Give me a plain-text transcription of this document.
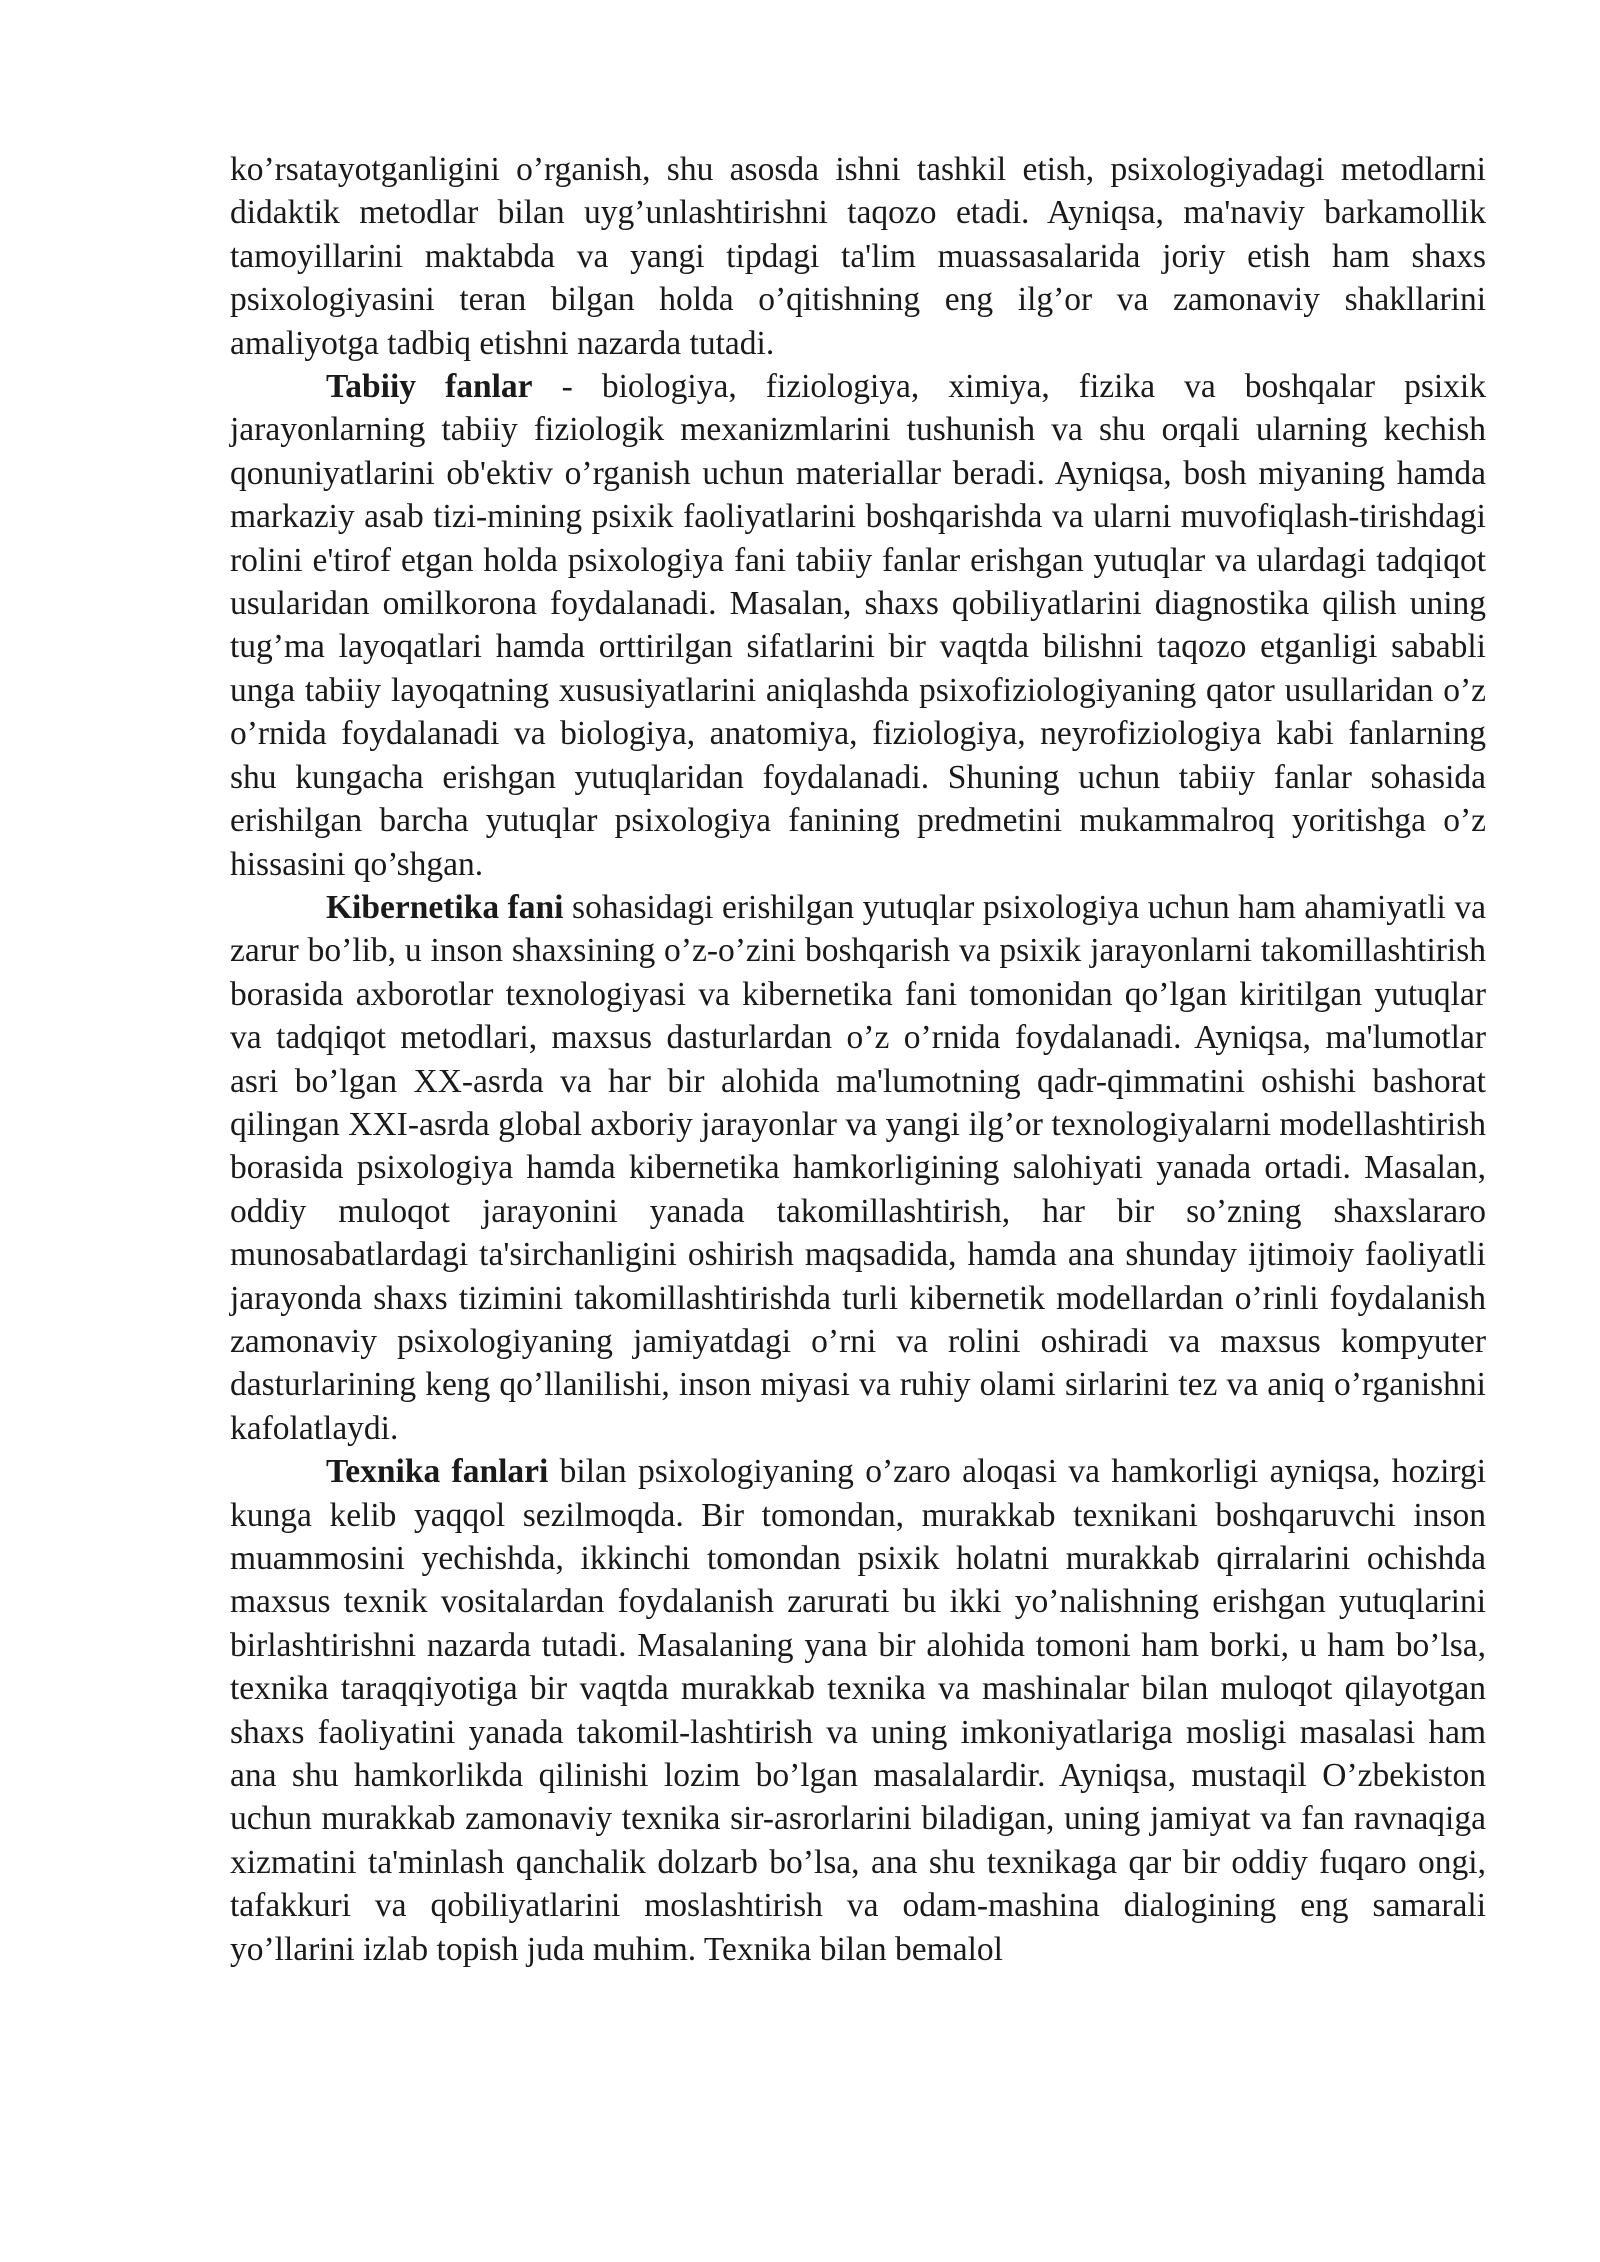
ko’rsatayotganligini o’rganish, shu asosda ishni tashkil etish, psixologiyadagi metodlarni didaktik metodlar bilan uyg’unlashtirishni taqozo etadi. Ayniqsa, ma'naviy barkamollik tamoyillarini maktabda va yangi tipdagi ta'lim muassasalarida joriy etish ham shaxs psixologiyasini teran bilgan holda o’qitishning eng ilg’or va zamonaviy shakllarini amaliyotga tadbiq etishni nazarda tutadi.

Tabiiy fanlar - biologiya, fiziologiya, ximiya, fizika va boshqalar psixik jarayonlarning tabiiy fiziologik mexanizmlarini tushunish va shu orqali ularning kechish qonuniyatlarini ob'ektiv o’rganish uchun materiallar beradi. Ayniqsa, bosh miyaning hamda markaziy asab tizi-mining psixik faoliyatlarini boshqarishda va ularni muvofiqlash-tirishdagi rolini e'tirof etgan holda psixologiya fani tabiiy fanlar erishgan yutuqlar va ulardagi tadqiqot usularidan omilkorona foydalanadi. Masalan, shaxs qobiliyatlarini diagnostika qilish uning tug’ma layoqatlari hamda orttirilgan sifatlarini bir vaqtda bilishni taqozo etganligi sababli unga tabiiy layoqatning xususiyatlarini aniqlashda psixofiziologiyaning qator usullaridan o’z o’rnida foydalanadi va biologiya, anatomiya, fiziologiya, neyrofiziologiya kabi fanlarning shu kungacha erishgan yutuqlaridan foydalanadi. Shuning uchun tabiiy fanlar sohasida erishilgan barcha yutuqlar psixologiya fanining predmetini mukammalroq yoritishga o’z hissasini qo’shgan.

Kibernetika fani sohasidagi erishilgan yutuqlar psixologiya uchun ham ahamiyatli va zarur bo’lib, u inson shaxsining o’z-o’zini boshqarish va psixik jarayonlarni takomillashtirish borasida axborotlar texnologiyasi va kibernetika fani tomonidan qo’lgan kiritilgan yutuqlar va tadqiqot metodlari, maxsus dasturlardan o’z o’rnida foydalanadi. Ayniqsa, ma'lumotlar asri bo’lgan XX-asrda va har bir alohida ma'lumotning qadr-qimmatini oshishi bashorat qilingan XXI-asrda global axboriy jarayonlar va yangi ilg’or texnologiyalarni modellashtirish borasida psixologiya hamda kibernetika hamkorligining salohiyati yanada ortadi. Masalan, oddiy muloqot jarayonini yanada takomillashtirish, har bir so’zning shaxslararo munosabatlardagi ta'sirchanligini oshirish maqsadida, hamda ana shunday ijtimoiy faoliyatli jarayonda shaxs tizimini takomillashtirishda turli kibernetik modellardan o’rinli foydalanish zamonaviy psixologiyaning jamiyatdagi o’rni va rolini oshiradi va maxsus kompyuter dasturlarining keng qo’llanilishi, inson miyasi va ruhiy olami sirlarini tez va aniq o’rganishni kafolatlaydi.

Texnika fanlari bilan psixologiyaning o’zaro aloqasi va hamkorligi ayniqsa, hozirgi kunga kelib yaqqol sezilmoqda. Bir tomondan, murakkab texnikani boshqaruvchi inson muammosini yechishda, ikkinchi tomondan psixik holatni murakkab qirralarini ochishda maxsus texnik vositalardan foydalanish zarurati bu ikki yo’nalishning erishgan yutuqlarini birlashtirishni nazarda tutadi. Masalaning yana bir alohida tomoni ham borki, u ham bo’lsa, texnika taraqqiyotiga bir vaqtda murakkab texnika va mashinalar bilan muloqot qilayotgan shaxs faoliyatini yanada takomil-lashtirish va uning imkoniyatlariga mosligi masalasi ham ana shu hamkorlikda qilinishi lozim bo’lgan masalalardir. Ayniqsa, mustaqil O’zbekiston uchun murakkab zamonaviy texnika sir-asrorlarini biladigan, uning jamiyat va fan ravnaqiga xizmatini ta'minlash qanchalik dolzarb bo’lsa, ana shu texnikaga qar bir oddiy fuqaro ongi, tafakkuri va qobiliyatlarini moslashtirish va odam-mashina dialogining eng samarali yo’llarini izlab topish juda muhim. Texnika bilan bemalol
